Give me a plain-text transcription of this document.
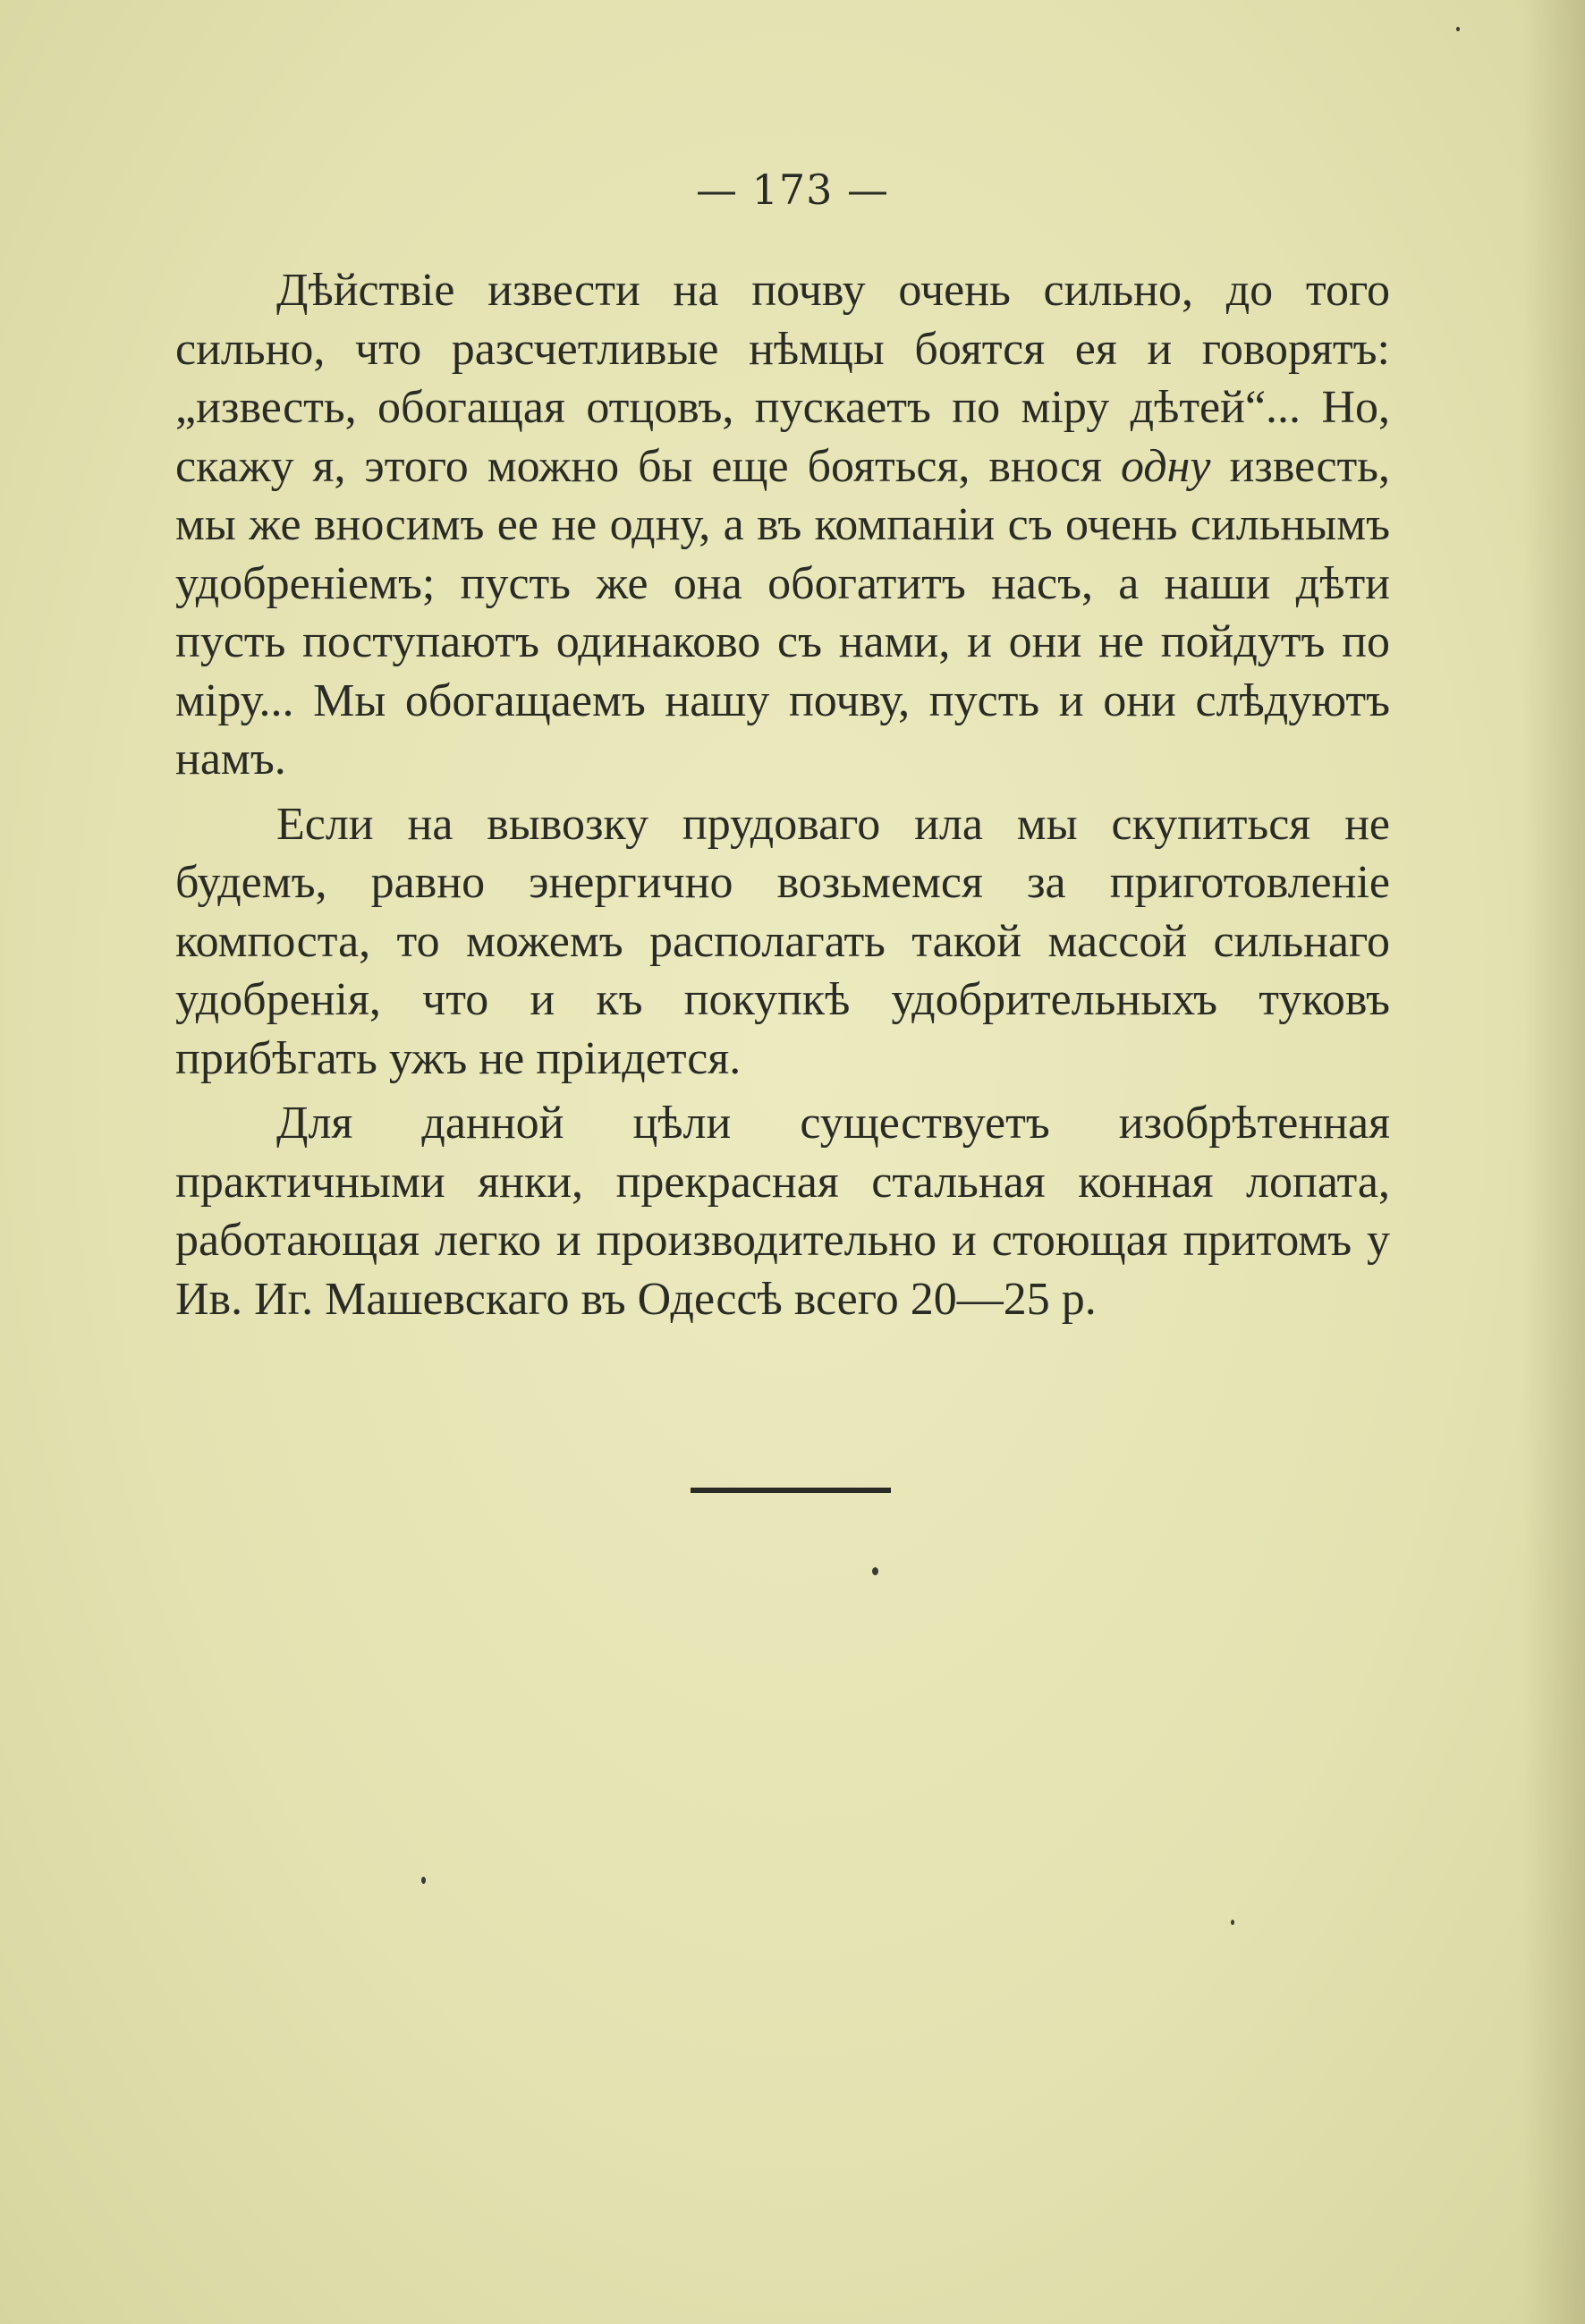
— 173 —

Дѣйствіе извести на почву очень сильно, до того сильно, что разсчетливые нѣмцы боятся ея и говорятъ: „известь, обогащая отцовъ, пускаетъ по міру дѣтей“... Но, скажу я, этого можно бы еще бояться, внося одну известь, мы же вносимъ ее не одну, а въ компаніи съ очень сильнымъ удобреніемъ; пусть же она обогатитъ насъ, а наши дѣти пусть поступаютъ одинаково съ нами, и они не пойдутъ по міру... Мы обогащаемъ нашу почву, пусть и они слѣдуютъ намъ.

Если на вывозку прудоваго ила мы скупиться не будемъ, равно энергично возьмемся за приготовленіе компоста, то можемъ располагать такой массой сильнаго удобренія, что и къ покупкѣ удобрительныхъ туковъ прибѣгать ужъ не пріидется.

Для данной цѣли существуетъ изобрѣтенная практичными янки, прекрасная стальная конная лопата, работающая легко и производительно и стоющая притомъ у Ив. Иг. Машевскаго въ Одессѣ всего 20—25 р.
